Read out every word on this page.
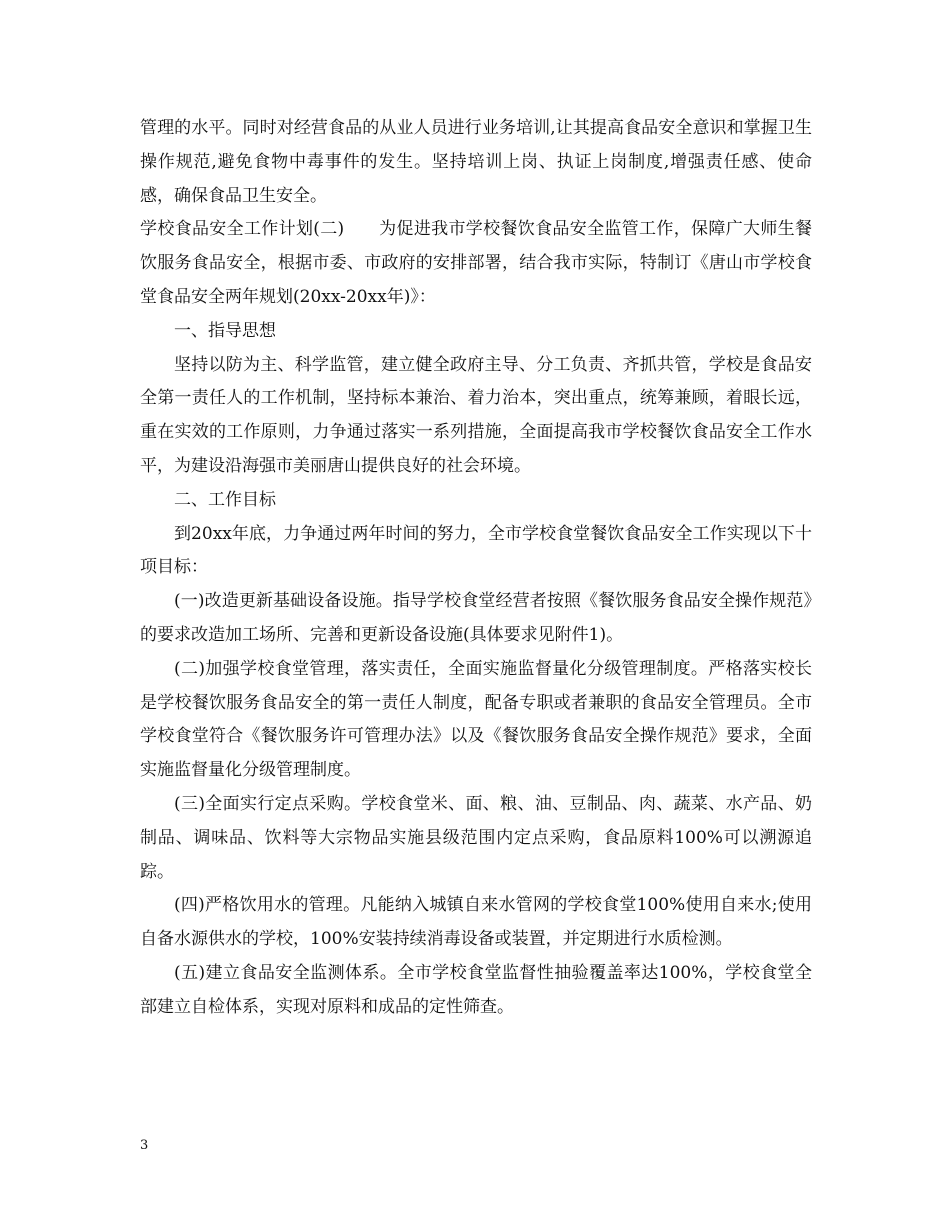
管理的水平。同时对经营食品的从业人员进行业务培训,让其提高食品安全意识和掌握卫生操作规范,避免食物中毒事件的发生。坚持培训上岗、执证上岗制度,增强责任感、使命感，确保食品卫生安全。

学校食品安全工作计划(二)　　为促进我市学校餐饮食品安全监管工作，保障广大师生餐饮服务食品安全，根据市委、市政府的安排部署，结合我市实际，特制订《唐山市学校食堂食品安全两年规划(20xx-20xx年)》：

一、指导思想

坚持以防为主、科学监管，建立健全政府主导、分工负责、齐抓共管，学校是食品安全第一责任人的工作机制，坚持标本兼治、着力治本，突出重点，统筹兼顾，着眼长远，重在实效的工作原则，力争通过落实一系列措施，全面提高我市学校餐饮食品安全工作水平，为建设沿海强市美丽唐山提供良好的社会环境。

二、工作目标

到20xx年底，力争通过两年时间的努力，全市学校食堂餐饮食品安全工作实现以下十项目标：

(一)改造更新基础设备设施。指导学校食堂经营者按照《餐饮服务食品安全操作规范》的要求改造加工场所、完善和更新设备设施(具体要求见附件1)。

(二)加强学校食堂管理，落实责任，全面实施监督量化分级管理制度。严格落实校长是学校餐饮服务食品安全的第一责任人制度，配备专职或者兼职的食品安全管理员。全市学校食堂符合《餐饮服务许可管理办法》以及《餐饮服务食品安全操作规范》要求，全面实施监督量化分级管理制度。

(三)全面实行定点采购。学校食堂米、面、粮、油、豆制品、肉、蔬菜、水产品、奶制品、调味品、饮料等大宗物品实施县级范围内定点采购，食品原料100%可以溯源追踪。

(四)严格饮用水的管理。凡能纳入城镇自来水管网的学校食堂100%使用自来水;使用自备水源供水的学校，100%安装持续消毒设备或装置，并定期进行水质检测。

(五)建立食品安全监测体系。全市学校食堂监督性抽验覆盖率达100%，学校食堂全部建立自检体系，实现对原料和成品的定性筛查。

3
